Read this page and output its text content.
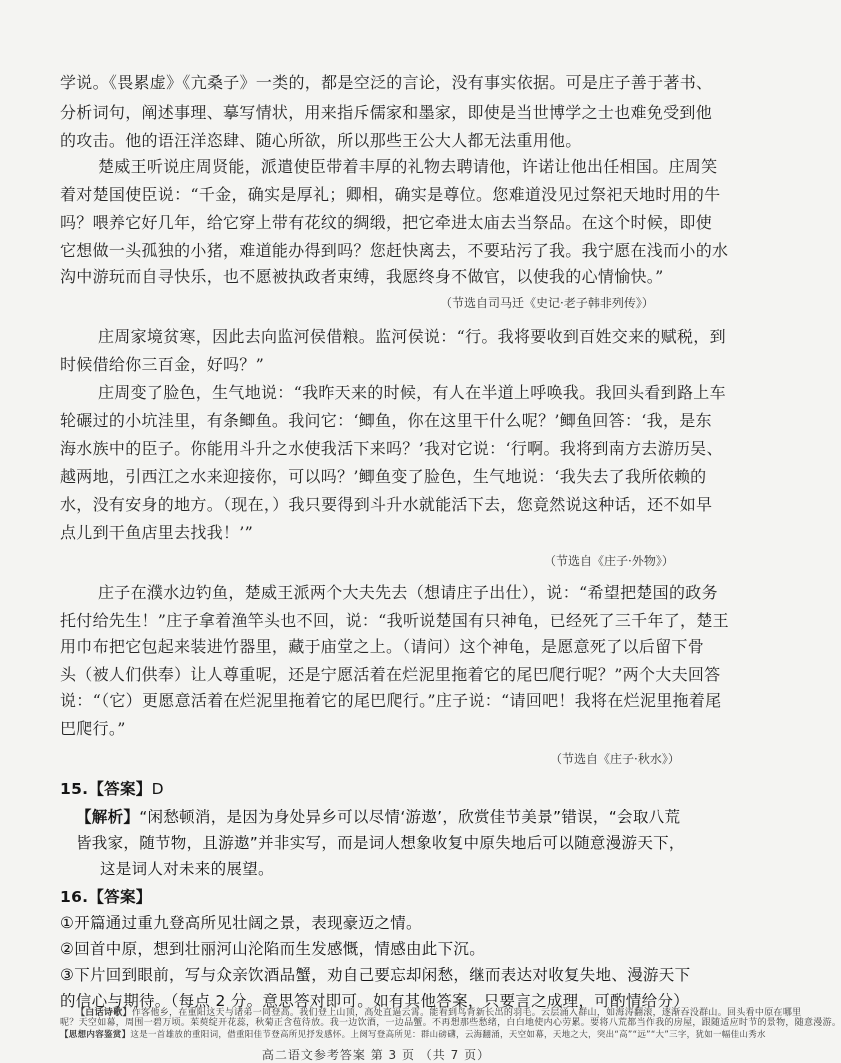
学说。《畏累虚》《亢桑子》一类的，都是空泛的言论，没有事实依据。可是庄子善于著书、
分析词句，阐述事理、摹写情状，用来指斥儒家和墨家，即使是当世博学之士也难免受到他
的攻击。他的语汪洋恣肆、随心所欲，所以那些王公大人都无法重用他。
楚威王听说庄周贤能，派遣使臣带着丰厚的礼物去聘请他，许诺让他出任相国。庄周笑
着对楚国使臣说：“千金，确实是厚礼；卿相，确实是尊位。您难道没见过祭祀天地时用的牛
吗？喂养它好几年，给它穿上带有花纹的绸缎，把它牵进太庙去当祭品。在这个时候，即使
它想做一头孤独的小猪，难道能办得到吗？您赶快离去，不要玷污了我。我宁愿在浅而小的水
沟中游玩而自寻快乐，也不愿被执政者束缚，我愿终身不做官，以使我的心情愉快。”
（节选自司马迁《史记·老子韩非列传》）
庄周家境贫寒，因此去向监河侯借粮。监河侯说：“行。我将要收到百姓交来的赋税，到
时候借给你三百金，好吗？”
庄周变了脸色，生气地说：“我昨天来的时候，有人在半道上呼唤我。我回头看到路上车
轮碾过的小坑洼里，有条鲫鱼。我问它：‘鲫鱼，你在这里干什么呢？’鲫鱼回答：‘我，是东
海水族中的臣子。你能用斗升之水使我活下来吗？’我对它说：‘行啊。我将到南方去游历吴、
越两地，引西江之水来迎接你，可以吗？’鲫鱼变了脸色，生气地说：‘我失去了我所依赖的
水，没有安身的地方。（现在，）我只要得到斗升水就能活下去，您竟然说这种话，还不如早
点儿到干鱼店里去找我！’”
（节选自《庄子·外物》）
庄子在濮水边钓鱼，楚威王派两个大夫先去（想请庄子出仕），说：“希望把楚国的政务
托付给先生！”庄子拿着渔竿头也不回，说：“我听说楚国有只神龟，已经死了三千年了，楚王
用巾布把它包起来装进竹器里，藏于庙堂之上。（请问）这个神龟，是愿意死了以后留下骨
头（被人们供奉）让人尊重呢，还是宁愿活着在烂泥里拖着它的尾巴爬行呢？”两个大夫回答
说：“（它）更愿意活着在烂泥里拖着它的尾巴爬行。”庄子说：“请回吧！我将在烂泥里拖着尾
巴爬行。”
（节选自《庄子·秋水》）
15.【答案】D
【解析】“闲愁顿消，是因为身处异乡可以尽情‘游遨’，欣赏佳节美景”错误，“会取八荒
皆我家，随节物，且游遨”并非实写，而是词人想象收复中原失地后可以随意漫游天下，
这是词人对未来的展望。
16.【答案】
①开篇通过重九登高所见壮阔之景，表现豪迈之情。
②回首中原，想到壮丽河山沦陷而生发感慨，情感由此下沉。
③下片回到眼前，写与众亲饮酒品蟹，劝自己要忘却闲愁，继而表达对收复失地、漫游天下
的信心与期待。（每点 2 分。意思答对即可。如有其他答案，只要言之成理，可酌情给分）
【白话诗歌】作客他乡，在重阳这天与诸弟一同登高。我们登上山顶，高处直逼云霄。能看到鸟背新长出的羽毛。云层涌入群山，如海涛翻滚，逐渐吞没群山。回头看中原在哪里
呢？天空如幕，周围一碧万顷。茱萸绽开花蕊，秋菊正含苞待放。我一边饮酒，一边品蟹。不再想那些愁绪，白白地使内心劳累。要将八荒都当作我的房屋，跟随适应时节的景物，随意漫游。
高二语文参考答案 第 3 页 （共 7 页）
【思想内容鉴赏】这是一首雄放的重阳词，借重阳佳节登高所见抒发感怀。上阕写登高所见：群山磅礴，云海翻涌，天空如幕，天地之大，突出“高”“远”“大”三字，犹如一幅佳山秀水
